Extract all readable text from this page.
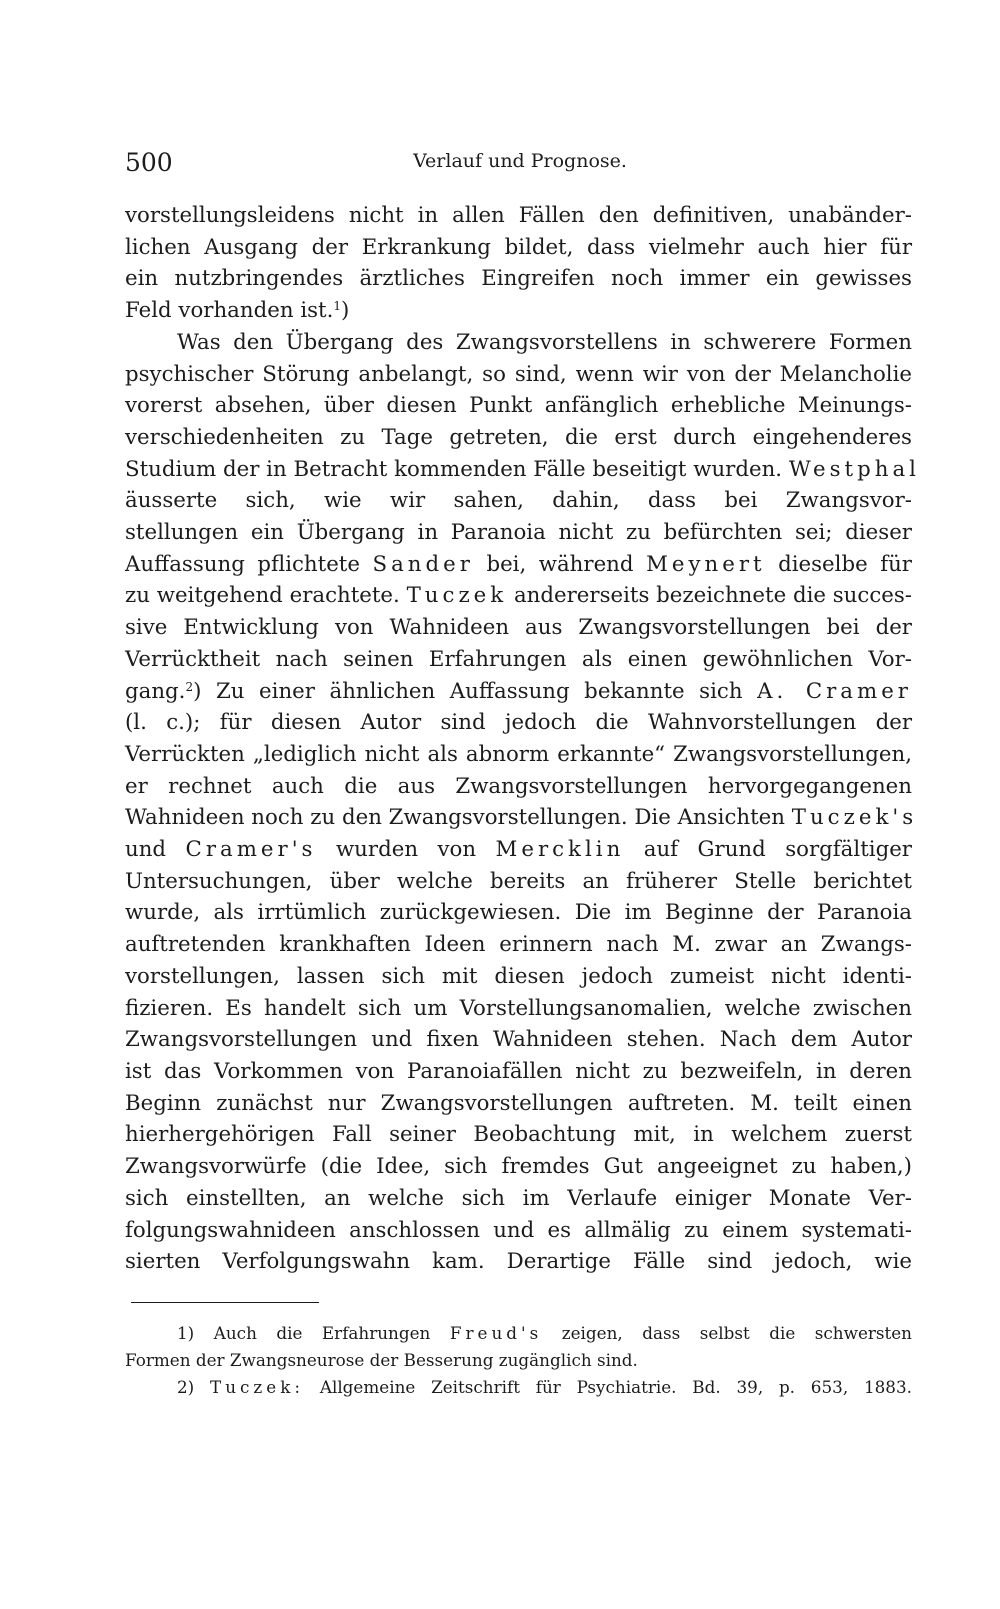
500	Verlauf und Prognose.
vorstellungsleidens nicht in allen Fällen den definitiven, unabänder-
lichen Ausgang der Erkrankung bildet, dass vielmehr auch hier für
ein nutzbringendes ärztliches Eingreifen noch immer ein gewisses
Feld vorhanden ist.$^1$)
Was den Übergang des Zwangsvorstellens in schwerere Formen
psychischer Störung anbelangt, so sind, wenn wir von der Melancholie
vorerst absehen, über diesen Punkt anfänglich erhebliche Meinungs-
verschiedenheiten zu Tage getreten, die erst durch eingehenderes
Studium der in Betracht kommenden Fälle beseitigt wurden. Westphal
äusserte sich, wie wir sahen, dahin, dass bei Zwangsvor-
stellungen ein Übergang in Paranoia nicht zu befürchten sei; dieser
Auffassung pflichtete Sander bei, während Meynert dieselbe für
zu weitgehend erachtete. Tuczek andererseits bezeichnete die succes-
sive Entwicklung von Wahnideen aus Zwangsvorstellungen bei der
Verrücktheit nach seinen Erfahrungen als einen gewöhnlichen Vor-
gang.$^2$) Zu einer ähnlichen Auffassung bekannte sich A. Cramer
(l. c.); für diesen Autor sind jedoch die Wahnvorstellungen der
Verrückten „lediglich nicht als abnorm erkannte“ Zwangsvorstellungen,
er rechnet auch die aus Zwangsvorstellungen hervorgegangenen
Wahnideen noch zu den Zwangsvorstellungen. Die Ansichten Tuczek's
und Cramer's wurden von Mercklin auf Grund sorgfältiger
Untersuchungen, über welche bereits an früherer Stelle berichtet
wurde, als irrtümlich zurückgewiesen. Die im Beginne der Paranoia
auftretenden krankhaften Ideen erinnern nach M. zwar an Zwangs-
vorstellungen, lassen sich mit diesen jedoch zumeist nicht identi-
fizieren. Es handelt sich um Vorstellungsanomalien, welche zwischen
Zwangsvorstellungen und fixen Wahnideen stehen. Nach dem Autor
ist das Vorkommen von Paranoiafällen nicht zu bezweifeln, in deren
Beginn zunächst nur Zwangsvorstellungen auftreten. M. teilt einen
hierhergehörigen Fall seiner Beobachtung mit, in welchem zuerst
Zwangsvorwürfe (die Idee, sich fremdes Gut angeeignet zu haben,)
sich einstellten, an welche sich im Verlaufe einiger Monate Ver-
folgungswahnideen anschlossen und es allmälig zu einem systemati-
sierten Verfolgungswahn kam. Derartige Fälle sind jedoch, wie
1) Auch die Erfahrungen Freud's zeigen, dass selbst die schwersten
Formen der Zwangsneurose der Besserung zugänglich sind.
2) Tuczek: Allgemeine Zeitschrift für Psychiatrie. Bd. 39, p. 653, 1883.
